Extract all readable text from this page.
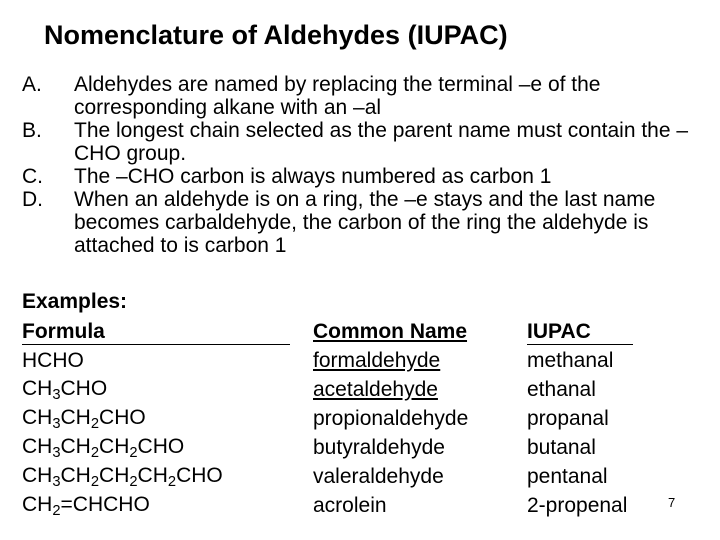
Nomenclature of Aldehydes (IUPAC)
A. Aldehydes are named by replacing the terminal –e of the corresponding alkane with an –al
B. The longest chain selected as the parent name must contain the –CHO group.
C. The –CHO carbon is always numbered as carbon 1
D. When an aldehyde is on a ring, the –e stays and the last name becomes carbaldehyde, the carbon of the ring the aldehyde is attached to is carbon 1
Examples:
Formula	Common Name	IUPAC
HCHO	formaldehyde	methanal
$CH_3CHO$	acetaldehyde	ethanal
$CH_3CH_2CHO$	propionaldehyde	propanal
$CH_3CH_2CH_2CHO$	butyraldehyde	butanal
$CH_3CH_2CH_2CH_2CHO$	valeraldehyde	pentanal
$CH_2=CHCHO$	acrolein	2-propenal	7
